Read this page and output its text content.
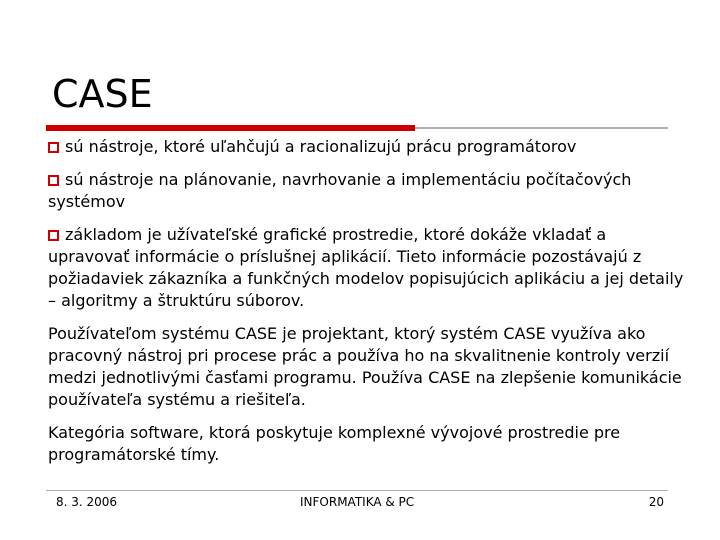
CASE

sú nástroje, ktoré uľahčujú a racionalizujú prácu programátorov

sú nástroje na plánovanie, navrhovanie a implementáciu počítačových systémov

základom je užívateľské grafické prostredie, ktoré dokáže vkladať a upravovať informácie o príslušnej aplikácií. Tieto informácie pozostávajú z požiadaviek zákazníka a funkčných modelov popisujúcich aplikáciu a jej detaily – algoritmy a štruktúru súborov.

Používateľom systému CASE je projektant, ktorý systém CASE využíva ako pracovný nástroj pri procese prác a používa ho na skvalitnenie kontroly verzií medzi jednotlivými časťami programu. Používa CASE na zlepšenie komunikácie používateľa systému a riešiteľa.

Kategória software, ktorá poskytuje komplexné vývojové prostredie pre programátorské tímy.

8. 3. 2006	INFORMATIKA & PC	20
